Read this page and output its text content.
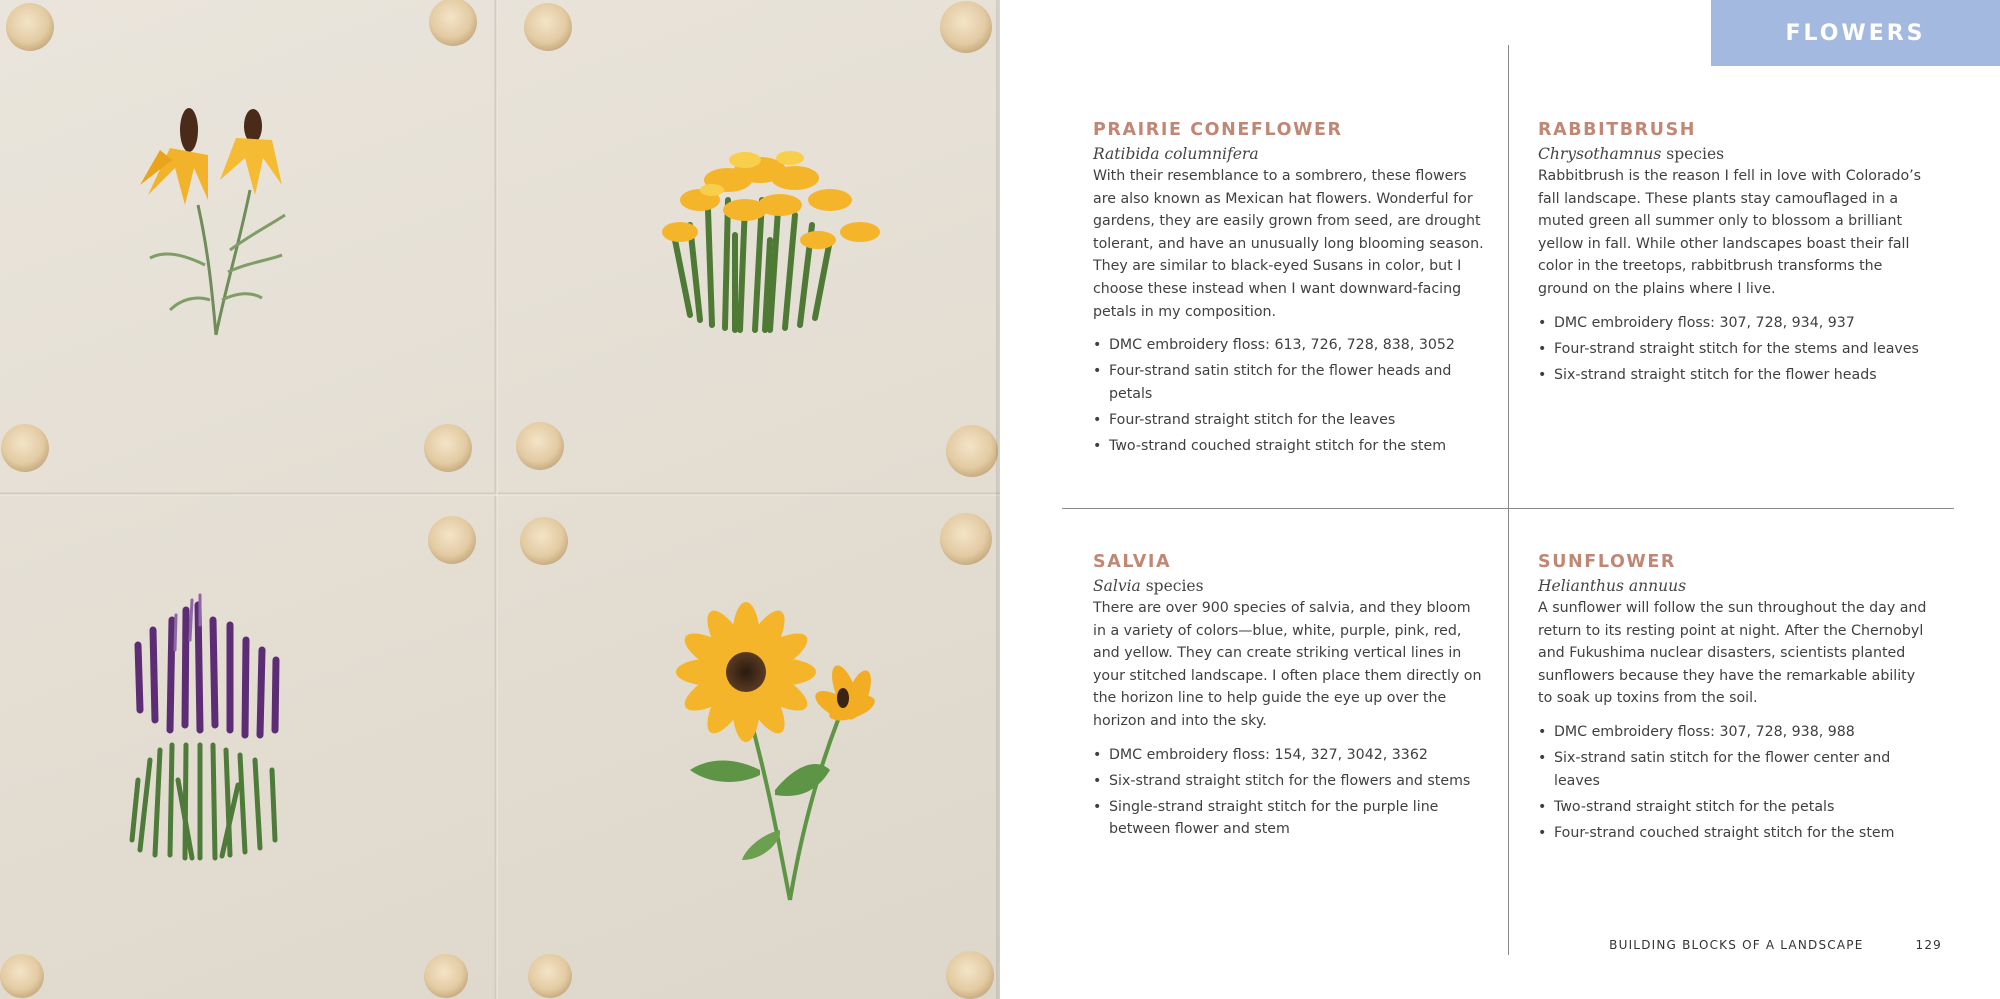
FLOWERS

PRAIRIE CONEFLOWER

Ratibida columnifera

With their resemblance to a sombrero, these flowers are also known as Mexican hat flowers. Wonderful for gardens, they are easily grown from seed, are drought tolerant, and have an unusually long blooming season. They are similar to black-eyed Susans in color, but I choose these instead when I want downward-facing petals in my composition.

• DMC embroidery floss: 613, 726, 728, 838, 3052
• Four-strand satin stitch for the flower heads and petals
• Four-strand straight stitch for the leaves
• Two-strand couched straight stitch for the stem

RABBITBRUSH

Chrysothamnus species

Rabbitbrush is the reason I fell in love with Colorado’s fall landscape. These plants stay camouflaged in a muted green all summer only to blossom a brilliant yellow in fall. While other landscapes boast their fall color in the treetops, rabbitbrush transforms the ground on the plains where I live.

• DMC embroidery floss: 307, 728, 934, 937
• Four-strand straight stitch for the stems and leaves
• Six-strand straight stitch for the flower heads

SALVIA

Salvia species

There are over 900 species of salvia, and they bloom in a variety of colors—blue, white, purple, pink, red, and yellow. They can create striking vertical lines in your stitched landscape. I often place them directly on the horizon line to help guide the eye up over the horizon and into the sky.

• DMC embroidery floss: 154, 327, 3042, 3362
• Six-strand straight stitch for the flowers and stems
• Single-strand straight stitch for the purple line between flower and stem

SUNFLOWER

Helianthus annuus

A sunflower will follow the sun throughout the day and return to its resting point at night. After the Chernobyl and Fukushima nuclear disasters, scientists planted sunflowers because they have the remarkable ability to soak up toxins from the soil.

• DMC embroidery floss: 307, 728, 938, 988
• Six-strand satin stitch for the flower center and leaves
• Two-strand straight stitch for the petals
• Four-strand couched straight stitch for the stem
BUILDING BLOCKS OF A LANDSCAPE	129
